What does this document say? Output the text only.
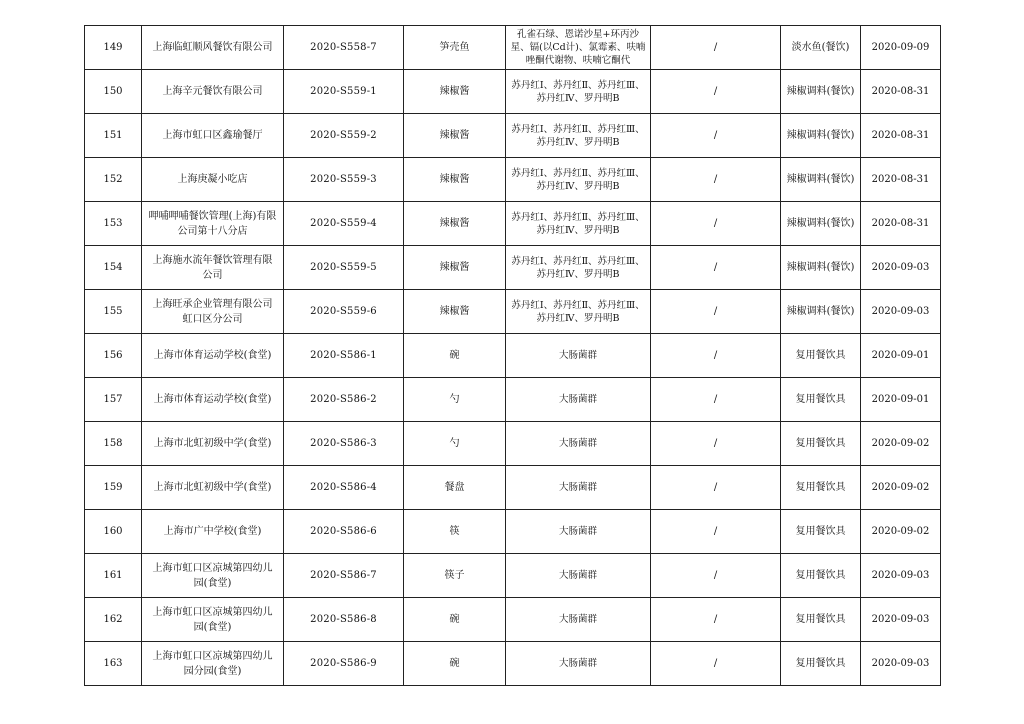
149	上海临虹顺风餐饮有限公司	2020-S558-7	笋壳鱼	孔雀石绿、恩诺沙星+环丙沙星、镉(以Cd计)、氯霉素、呋喃唑酮代谢物、呋喃它酮代	/	淡水鱼(餐饮)	2020-09-09
150	上海辛元餐饮有限公司	2020-S559-1	辣椒酱	苏丹红Ⅰ、苏丹红Ⅱ、苏丹红Ⅲ、苏丹红Ⅳ、罗丹明B	/	辣椒调料(餐饮)	2020-08-31
151	上海市虹口区鑫瑜餐厅	2020-S559-2	辣椒酱	苏丹红Ⅰ、苏丹红Ⅱ、苏丹红Ⅲ、苏丹红Ⅳ、罗丹明B	/	辣椒调料(餐饮)	2020-08-31
152	上海庚凝小吃店	2020-S559-3	辣椒酱	苏丹红Ⅰ、苏丹红Ⅱ、苏丹红Ⅲ、苏丹红Ⅳ、罗丹明B	/	辣椒调料(餐饮)	2020-08-31
153	呷哺呷哺餐饮管理(上海)有限公司第十八分店	2020-S559-4	辣椒酱	苏丹红Ⅰ、苏丹红Ⅱ、苏丹红Ⅲ、苏丹红Ⅳ、罗丹明B	/	辣椒调料(餐饮)	2020-08-31
154	上海施水流年餐饮管理有限公司	2020-S559-5	辣椒酱	苏丹红Ⅰ、苏丹红Ⅱ、苏丹红Ⅲ、苏丹红Ⅳ、罗丹明B	/	辣椒调料(餐饮)	2020-09-03
155	上海旺承企业管理有限公司虹口区分公司	2020-S559-6	辣椒酱	苏丹红Ⅰ、苏丹红Ⅱ、苏丹红Ⅲ、苏丹红Ⅳ、罗丹明B	/	辣椒调料(餐饮)	2020-09-03
156	上海市体育运动学校(食堂)	2020-S586-1	碗	大肠菌群	/	复用餐饮具	2020-09-01
157	上海市体育运动学校(食堂)	2020-S586-2	勺	大肠菌群	/	复用餐饮具	2020-09-01
158	上海市北虹初级中学(食堂)	2020-S586-3	勺	大肠菌群	/	复用餐饮具	2020-09-02
159	上海市北虹初级中学(食堂)	2020-S586-4	餐盘	大肠菌群	/	复用餐饮具	2020-09-02
160	上海市广中学校(食堂)	2020-S586-6	筷	大肠菌群	/	复用餐饮具	2020-09-02
161	上海市虹口区凉城第四幼儿园(食堂)	2020-S586-7	筷子	大肠菌群	/	复用餐饮具	2020-09-03
162	上海市虹口区凉城第四幼儿园(食堂)	2020-S586-8	碗	大肠菌群	/	复用餐饮具	2020-09-03
163	上海市虹口区凉城第四幼儿园分园(食堂)	2020-S586-9	碗	大肠菌群	/	复用餐饮具	2020-09-03
